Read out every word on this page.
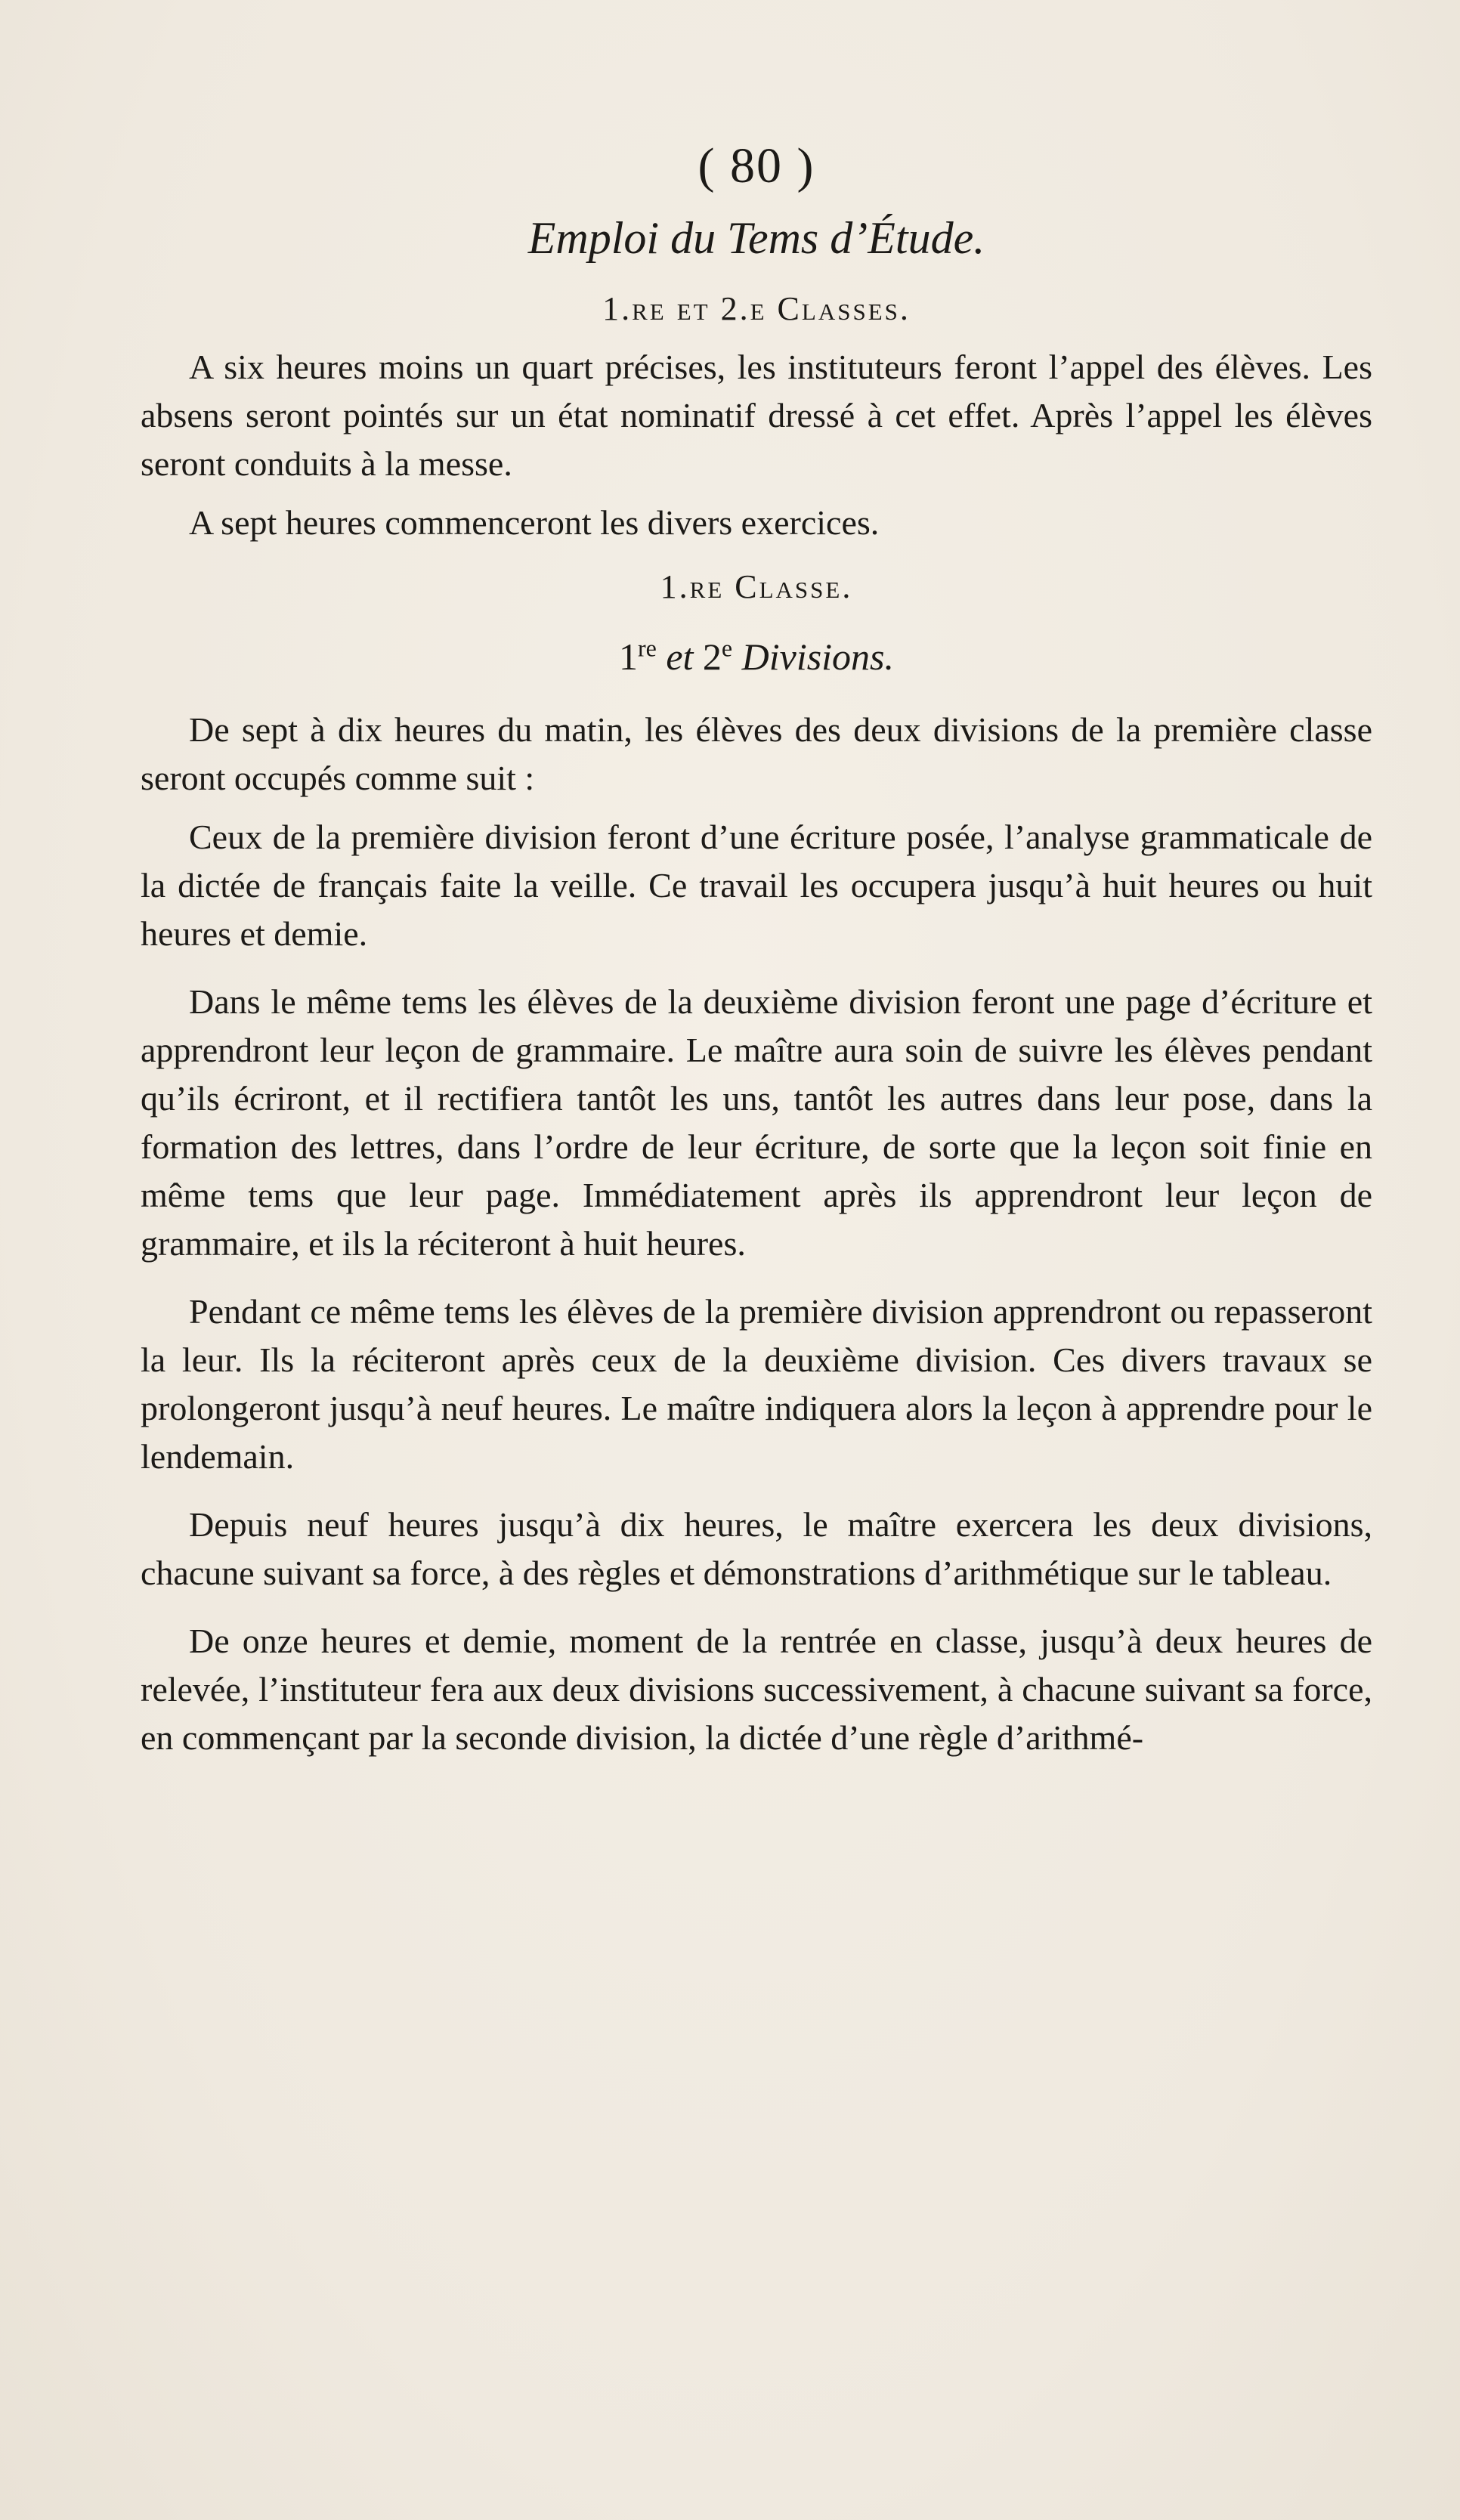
( 80 )
Emploi du Tems d’Étude.
1.re et 2.e Classes.

A six heures moins un quart précises, les instituteurs feront l’appel des élèves. Les absens seront pointés sur un état nominatif dressé à cet effet. Après l’appel les élèves seront conduits à la messe.

A sept heures commenceront les divers exercices.

1.re Classe.
1re et 2e Divisions.

De sept à dix heures du matin, les élèves des deux divisions de la première classe seront occupés comme suit :

Ceux de la première division feront d’une écriture posée, l’analyse grammaticale de la dictée de français faite la veille. Ce travail les occupera jusqu’à huit heures ou huit heures et demie.

Dans le même tems les élèves de la deuxième division feront une page d’écriture et apprendront leur leçon de grammaire. Le maître aura soin de suivre les élèves pendant qu’ils écriront, et il rectifiera tantôt les uns, tantôt les autres dans leur pose, dans la formation des lettres, dans l’ordre de leur écriture, de sorte que la leçon soit finie en même tems que leur page. Immédiatement après ils apprendront leur leçon de grammaire, et ils la réciteront à huit heures.

Pendant ce même tems les élèves de la première division apprendront ou repasseront la leur. Ils la réciteront après ceux de la deuxième division. Ces divers travaux se prolongeront jusqu’à neuf heures. Le maître indiquera alors la leçon à apprendre pour le lendemain.

Depuis neuf heures jusqu’à dix heures, le maître exercera les deux divisions, chacune suivant sa force, à des règles et démonstrations d’arithmétique sur le tableau.

De onze heures et demie, moment de la rentrée en classe, jusqu’à deux heures de relevée, l’instituteur fera aux deux divisions successivement, à chacune suivant sa force, en commençant par la seconde division, la dictée d’une règle d’arithmé-
